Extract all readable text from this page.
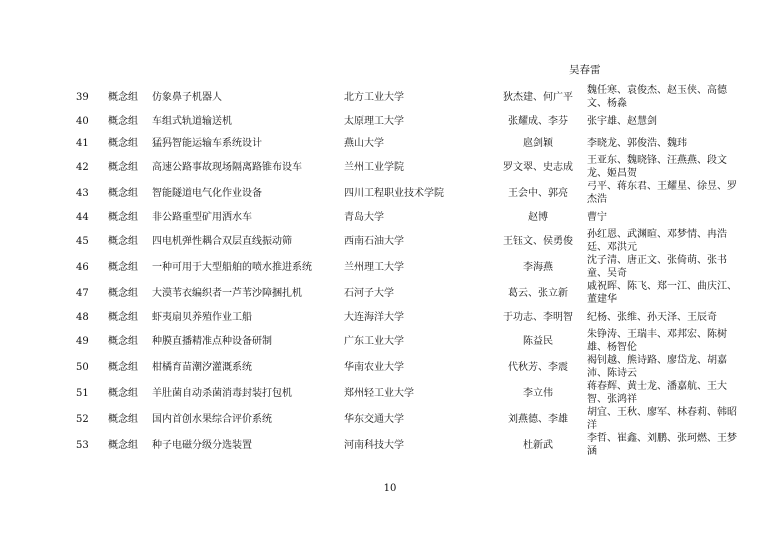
吴春雷
39	概念组	仿象鼻子机器人	北方工业大学	狄杰建、何广平	魏任寒、袁俊杰、赵玉侠、高德文、杨淼
40	概念组	车组式轨道输送机	太原理工大学	张耀成、李芬	张宇雄、赵慧剑
41	概念组	猛犸智能运输车系统设计	燕山大学	扈剑颖	李晓龙、郭俊浩、魏玮
42	概念组	高速公路事故现场隔离路锥布设车	兰州工业学院	罗文翠、史志成	王亚东、魏晓锋、汪燕燕、段文龙、姬昌贺
43	概念组	智能隧道电气化作业设备	四川工程职业技术学院	王会中、郭亮	弓平、蒋东君、王耀星、徐昱、罗杰浩
44	概念组	非公路重型矿用洒水车	青岛大学	赵博	曹宁
45	概念组	四电机弹性耦合双层直线振动筛	西南石油大学	王钰文、侯勇俊	孙红恩、武渊暄、邓梦情、冉浩廷、邓洪元
46	概念组	一种可用于大型船舶的喷水推进系统	兰州理工大学	李海燕	沈子清、唐正文、张倚萌、张书童、吴奇
47	概念组	大漠苇衣编织者一芦苇沙障捆扎机	石河子大学	葛云、张立新	戚祝晖、陈飞、郑一江、曲庆江、董建华
48	概念组	虾夷扇贝养殖作业工船	大连海洋大学	于功志、李明智	纪杨、张维、孙天泽、王辰奇
49	概念组	种膜直播精准点种设备研制	广东工业大学	陈益民	朱铮涛、王瑞丰、邓邦宏、陈树雄、杨智伦
50	概念组	柑橘育苗潮汐灌溉系统	华南农业大学	代秋芳、李震	褐钊越、熊诗路、廖岱龙、胡嘉沛、陈诗云
51	概念组	羊肚菌自动杀菌消毒封装打包机	郑州轻工业大学	李立伟	蒋春辉、黄士龙、潘嘉航、王大智、张鸿祥
52	概念组	国内首创水果综合评价系统	华东交通大学	刘燕德、李雄	胡宜、王秋、廖军、林春莉、韩昭洋
53	概念组	种子电磁分级分选装置	河南科技大学	杜新武	李哲、崔鑫、刘鹏、张珂燃、王梦涵
10
